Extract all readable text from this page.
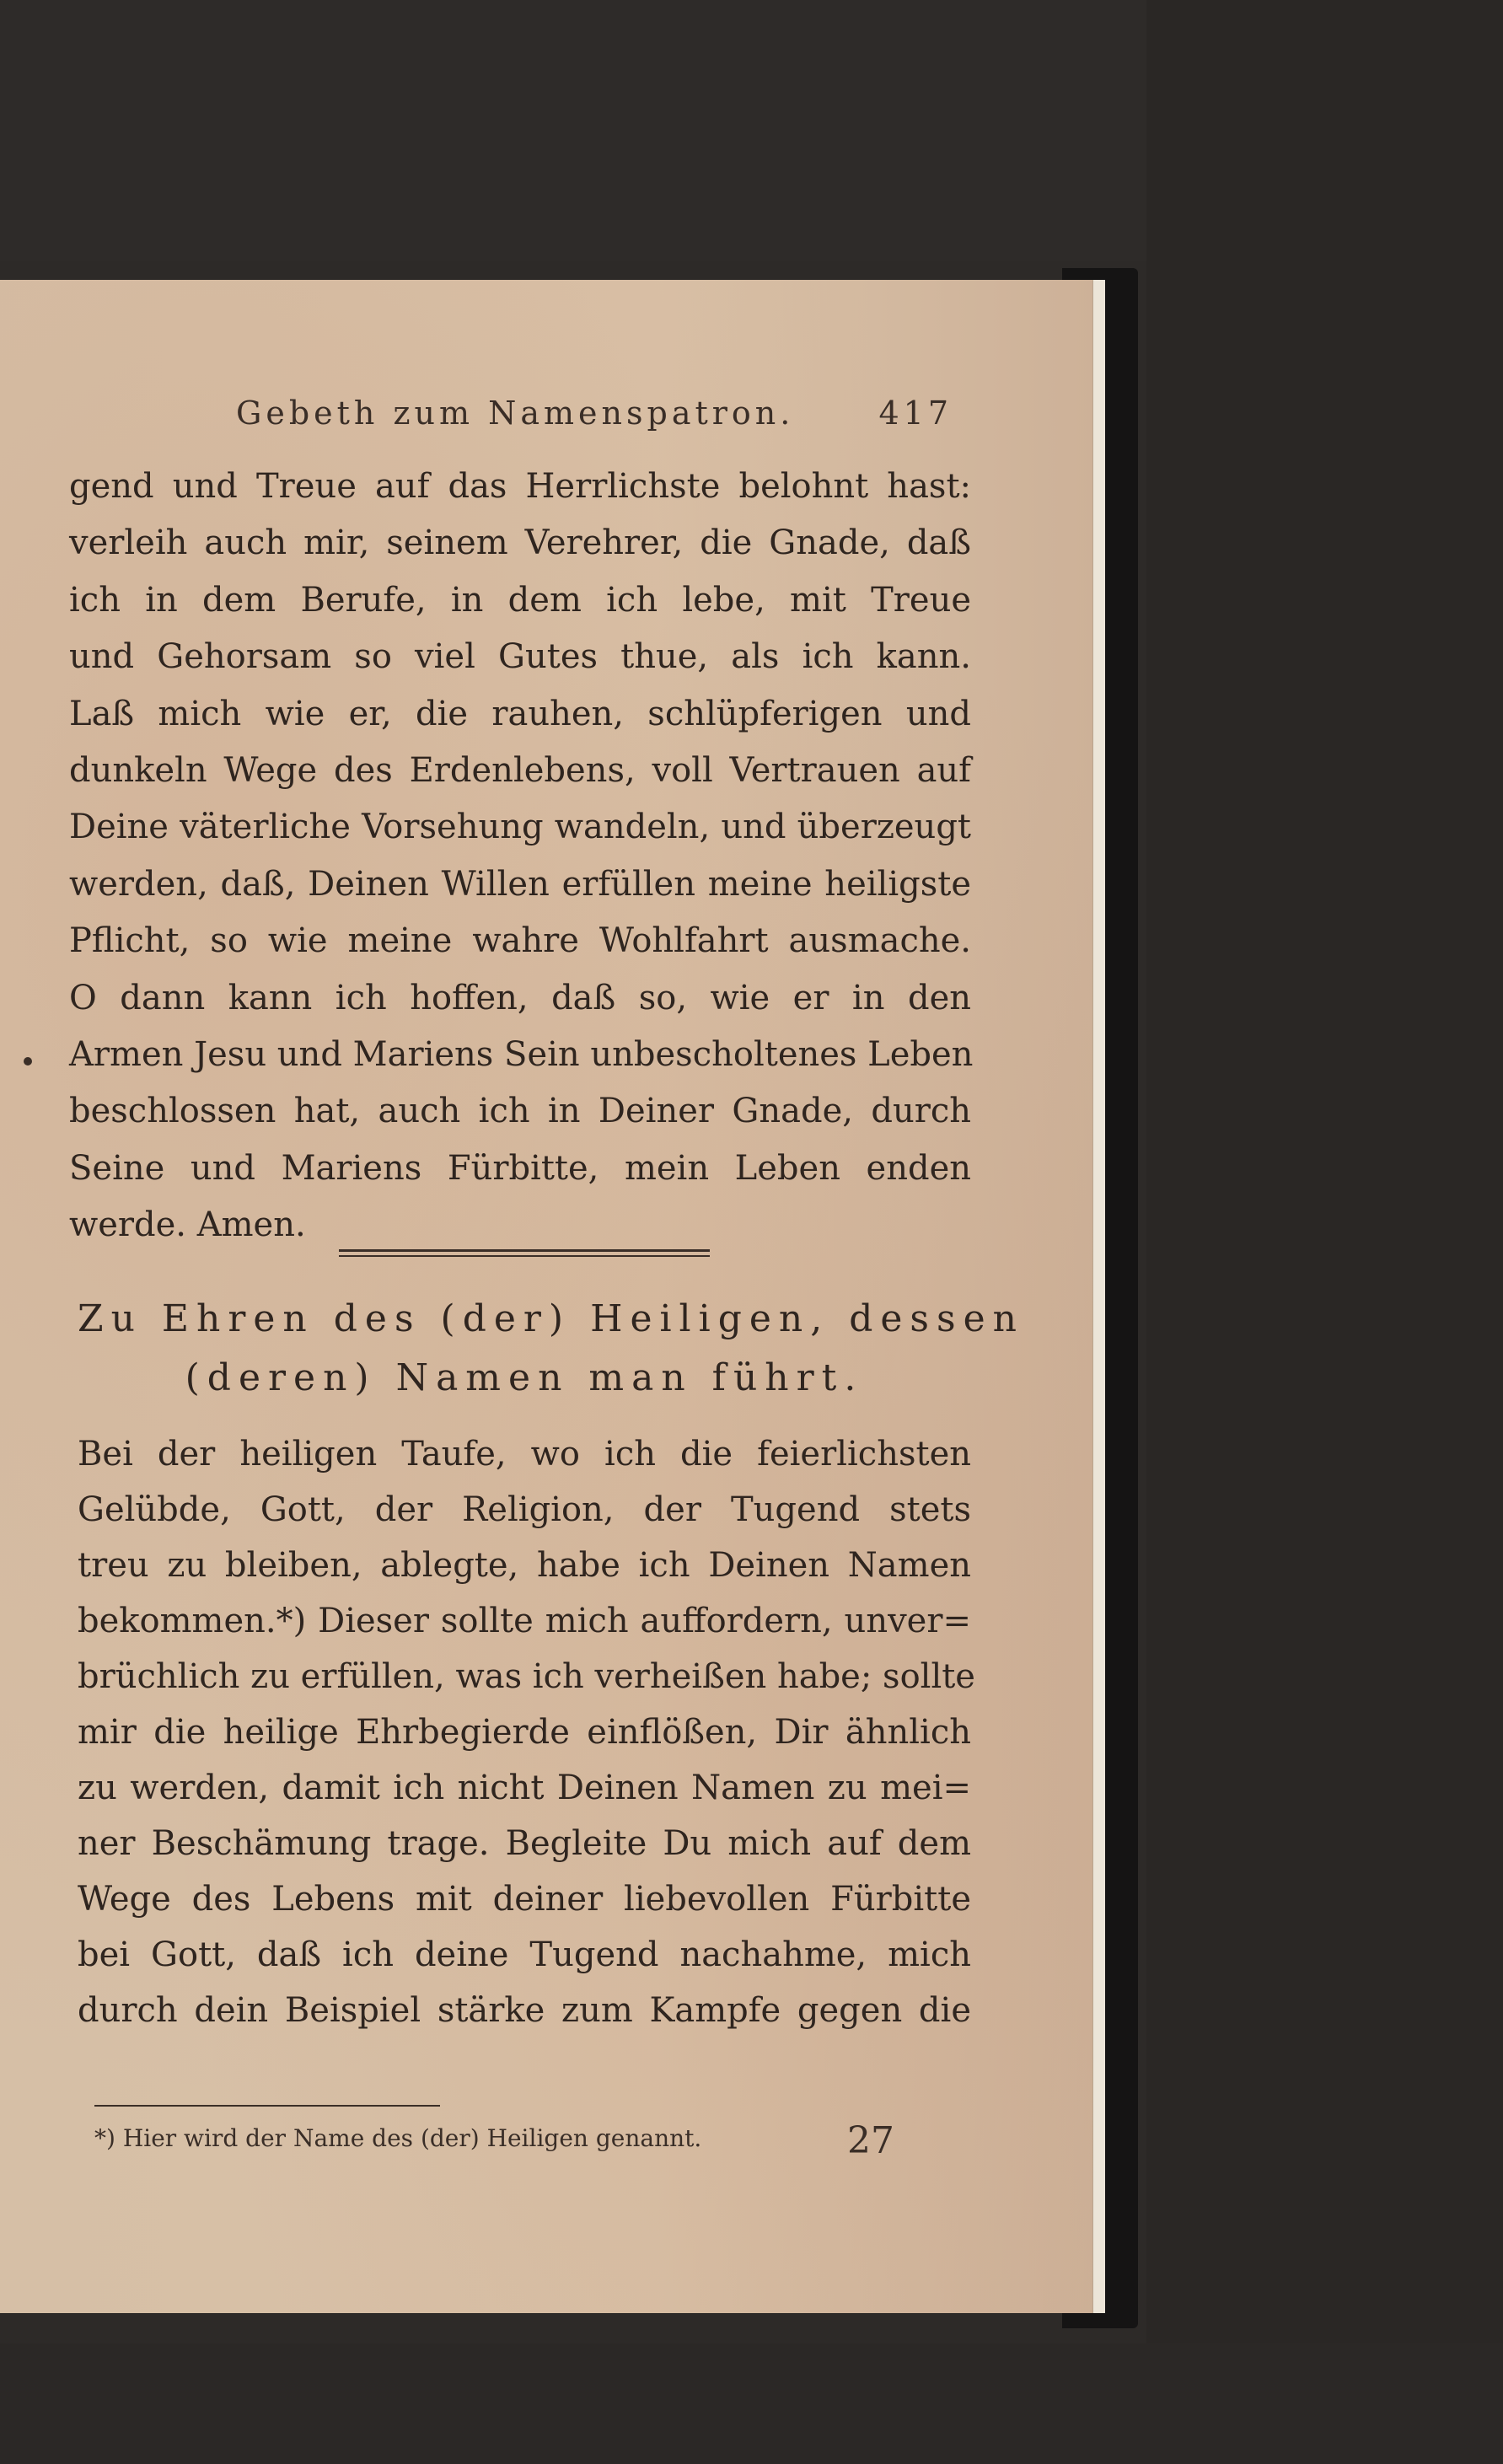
Gebeth zum Namenspatron.	417
gend und Treue auf das Herrlichste belohnt hast:
verleih auch mir, seinem Verehrer, die Gnade, daß
ich in dem Berufe, in dem ich lebe, mit Treue
und Gehorsam so viel Gutes thue, als ich kann.
Laß mich wie er, die rauhen, schlüpferigen und
dunkeln Wege des Erdenlebens, voll Vertrauen auf
Deine väterliche Vorsehung wandeln, und überzeugt
werden, daß, Deinen Willen erfüllen meine heiligste
Pflicht, so wie meine wahre Wohlfahrt ausmache.
O dann kann ich hoffen, daß so, wie er in den
Armen Jesu und Mariens Sein unbescholtenes Leben
beschlossen hat, auch ich in Deiner Gnade, durch
Seine und Mariens Fürbitte, mein Leben enden
werde. Amen.
Zu Ehren des (der) Heiligen, dessen
(deren) Namen man führt.
Bei der heiligen Taufe, wo ich die feierlichsten
Gelübde, Gott, der Religion, der Tugend stets
treu zu bleiben, ablegte, habe ich Deinen Namen
bekommen.*) Dieser sollte mich auffordern, unver=
brüchlich zu erfüllen, was ich verheißen habe; sollte
mir die heilige Ehrbegierde einflößen, Dir ähnlich
zu werden, damit ich nicht Deinen Namen zu mei=
ner Beschämung trage. Begleite Du mich auf dem
Wege des Lebens mit deiner liebevollen Fürbitte
bei Gott, daß ich deine Tugend nachahme, mich
durch dein Beispiel stärke zum Kampfe gegen die
*) Hier wird der Name des (der) Heiligen genannt.	27
